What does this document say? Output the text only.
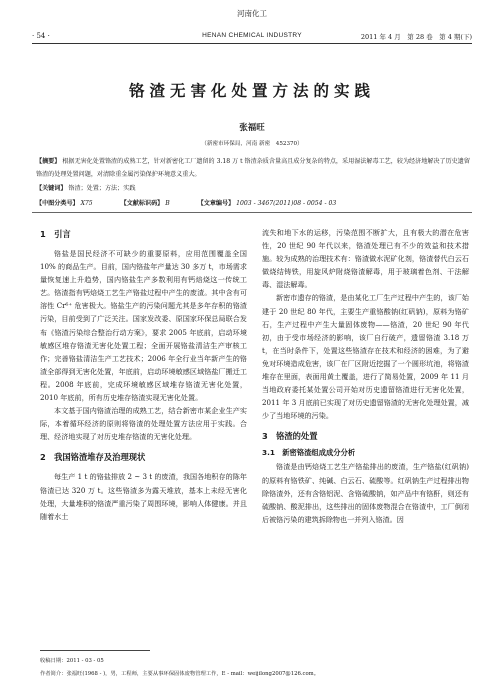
河南化工
· 54 ·	HENAN CHEMICAL INDUSTRY	2011 年 4 月　第 28 卷　第 4 期(下)
铬渣无害化处置方法的实践
张福旺
（新密市环保局，河南 新密　452370）
【摘要】 根据无害化处置铬渣的成熟工艺，针对新密化工厂遗留的 3.18 万 t 铬渣杂质含量高且成分复杂的特点，采用湿法解毒工艺，较为经济地解决了历史遗留铬渣的处理处置问题，对清除重金属污染保护环境意义重大。
【关键词】 铬渣；处置；方法；实践
【中图分类号】 X75	【文献标识码】 B	【文章编号】 1003 - 3467(2011)08 - 0054 - 03
1　引言

铬盐是国民经济不可缺少的重要原料，应用范围覆盖全国 10% 的商品生产。目前，国内铬盐年产量达 30 多万 t，市场需求量恢复速上升趋势，国内铬盐生产多数利用有钙焙烧这一传统工艺。铬渣指有钙焙烧工艺生产铬盐过程中产生的废渣。其中含有可溶性 Cr⁶⁺ 危害极大。铬盐生产的污染问题尤其是多年存积的铬渣污染，目前受到了广泛关注。国家发改委、原国家环保总局联合发布《铬渣污染综合整治行动方案》，要求 2005 年底前，启动环境敏感区堆存铬渣无害化处置工程；全面开展铬盐清洁生产审核工作；完善铬盐清洁生产工艺技术；2006 年全行业当年新产生的铬渣全部得到无害化处置，年底前，启动环境敏感区域铬盐厂搬迁工程。2008 年底前，完成环境敏感区域堆存铬渣无害化处置，2010 年底前，所有历史堆存铬渣实现无害化处置。

本文基于国内铬渣治理的成熟工艺，结合新密市某企业生产实际，本着循环经济的原则将铬渣的处理处置方法应用于实践。合理、经济地实现了对历史堆存铬渣的无害化处理。

2　我国铬渣堆存及治理现状

每生产 1 t 的铬盐排放 2 ~ 3 t 的废渣，我国各地积存的陈年铬渣已达 320 万 t。这些铬渣多为露天堆放，基本上未经无害化处理，大量堆积的铬渣严重污染了周围环境，影响人体健康。并且随着水土

流失和地下水的运移，污染范围不断扩大，且有极大的潜在危害性，20 世纪 90 年代以来，铬渣处理已有不少的效益和技术措施。较为成熟的治理技术有：铬渣做水泥矿化剂，铬渣替代白云石做烧结铸铁，用旋风炉附烧铬渣解毒，用于玻璃着色剂、干法解毒、湿法解毒。

新密市遗存的铬渣，是由某化工厂生产过程中产生的，该厂始建于 20 世纪 80 年代，主要生产重铬酸钠(红矾钠)，原料为铬矿石，生产过程中产生大量固体废物——铬渣，20 世纪 90 年代初，由于受市场经济的影响，该厂自行破产，遗留铬渣 3.18 万 t，在当时条件下，处置这些铬渣存在技术和经济的困难，为了避免对环境造成危害，该厂在厂区附近挖掘了一个圆形坑池，将铬渣堆存在里面，表面用黄土覆盖，进行了简易处置，2009 年 11 月当地政府委托某处置公司开始对历史遗留铬渣进行无害化处置，2011 年 3 月底前已实现了对历史遗留铬渣的无害化处理处置，减少了当地环境的污染。

3　铬渣的处置
3.1　新密铬渣组成成分分析

铬渣是由钙焙烧工艺生产铬盐排出的废渣，生产铬盐(红矾钠)的原料有铬铁矿、纯碱、白云石、硫酸等。红矾钠生产过程排出物除铬渣外，还有含铬铝泥、含铬硫酸钠，如产品中有铬酐，则还有硫酸钠、酸泥排出，这些排出的固体废物混合在铬渣中，工厂倒闭后被铬污染的建筑拆除物也一并列入铬渣。因

收稿日期：2011 - 03 - 05
作者简介：张福旺(1968 - )，男，工程师，主要从事环保固体废物管理工作，E - mail：weijilong2007@126.com。
